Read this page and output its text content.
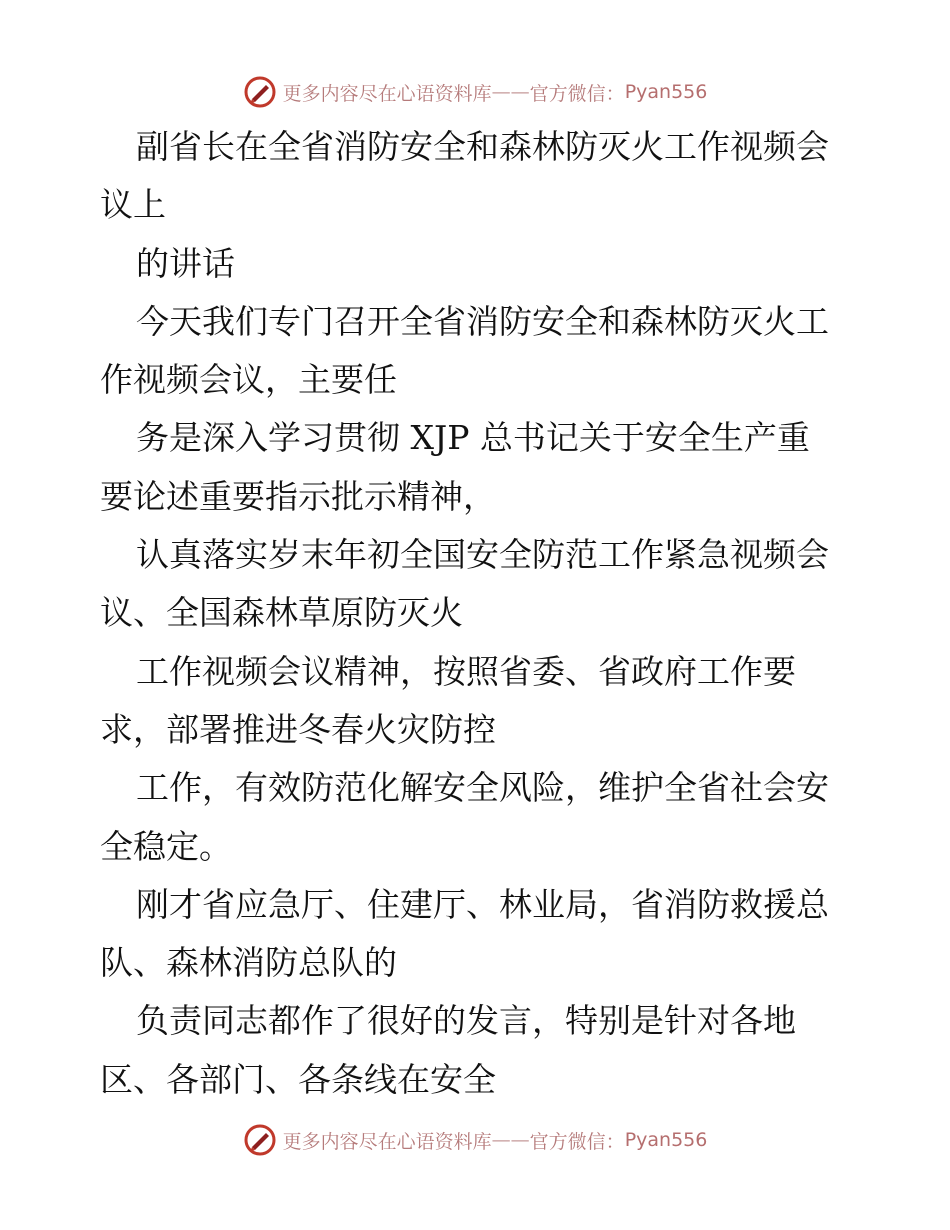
更多内容尽在心语资料库 —— 官方微信： Pyan556
副省长在全省消防安全和森林防灭火工作视频会
议上
的讲话
今天我们专门召开全省消防安全和森林防灭火工
作视频会议，主要任
务是深入学习贯彻 XJP 总书记关于安全生产重
要论述重要指示批示精神，
认真落实岁末年初全国安全防范工作紧急视频会
议、全国森林草原防灭火
工作视频会议精神，按照省委、省政府工作要
求，部署推进冬春火灾防控
工作，有效防范化解安全风险，维护全省社会安
全稳定。
刚才省应急厅、住建厅、林业局，省消防救援总
队、森林消防总队的
负责同志都作了很好的发言，特别是针对各地
区、各部门、各条线在安全
更多内容尽在心语资料库 —— 官方微信： Pyan556
